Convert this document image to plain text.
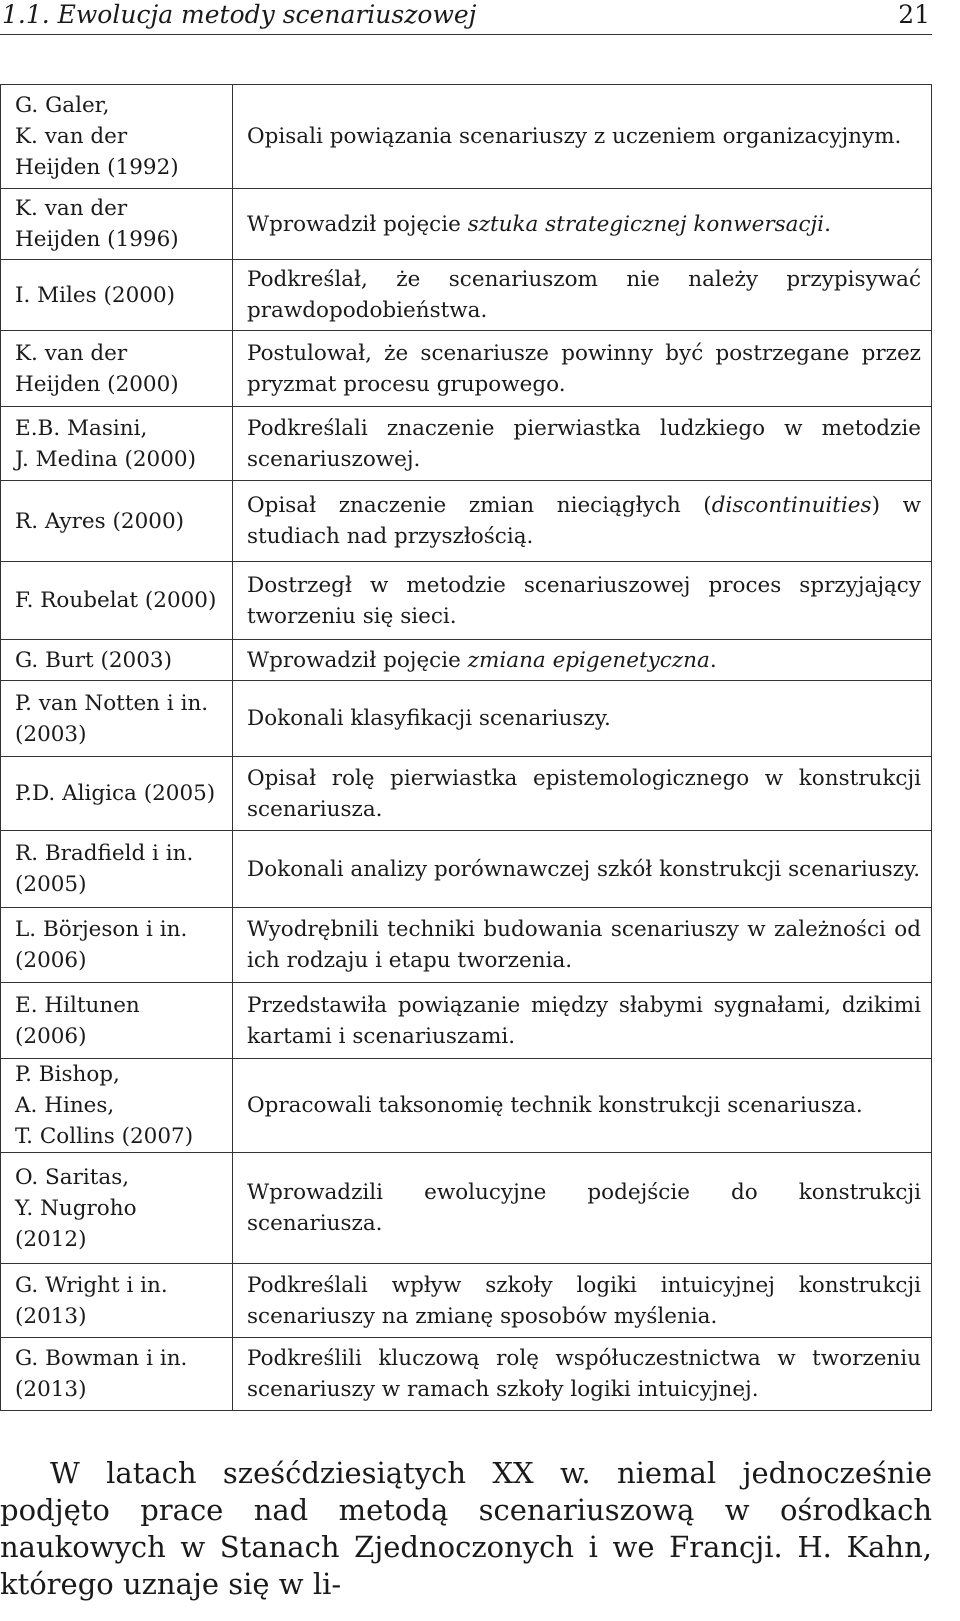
1.1. Ewolucja metody scenariuszowej	21
G. Galer,
K. van der
Heijden (1992)	Opisali powiązania scenariuszy z uczeniem organizacyjnym.

K. van der
Heijden (1996)	Wprowadził pojęcie sztuka strategicznej konwersacji.

I. Miles (2000)	Podkreślał, że scenariuszom nie należy przypisywać prawdopodobieństwa.

K. van der
Heijden (2000)	Postulował, że scenariusze powinny być postrzegane przez pryzmat procesu grupowego.

E.B. Masini,
J. Medina (2000)	Podkreślali znaczenie pierwiastka ludzkiego w metodzie scenariuszowej.

R. Ayres (2000)	Opisał znaczenie zmian nieciągłych (discontinuities) w studiach nad przyszłością.

F. Roubelat (2000)	Dostrzegł w metodzie scenariuszowej proces sprzyjający tworzeniu się sieci.

G. Burt (2003)	Wprowadził pojęcie zmiana epigenetyczna.

P. van Notten i in.
(2003)	Dokonali klasyfikacji scenariuszy.

P.D. Aligica (2005)	Opisał rolę pierwiastka epistemologicznego w konstrukcji scenariusza.

R. Bradfield i in.
(2005)	Dokonali analizy porównawczej szkół konstrukcji scenariuszy.

L. Börjeson i in.
(2006)	Wyodrębnili techniki budowania scenariuszy w zależności od ich rodzaju i etapu tworzenia.

E. Hiltunen
(2006)	Przedstawiła powiązanie między słabymi sygnałami, dzikimi kartami i scenariuszami.

P. Bishop,
A. Hines,
T. Collins (2007)	Opracowali taksonomię technik konstrukcji scenariusza.

O. Saritas,
Y. Nugroho
(2012)	Wprowadzili ewolucyjne podejście do konstrukcji scenariusza.

G. Wright i in.
(2013)	Podkreślali wpływ szkoły logiki intuicyjnej konstrukcji scenariuszy na zmianę sposobów myślenia.

G. Bowman i in.
(2013)	Podkreślili kluczową rolę współuczestnictwa w tworzeniu scenariuszy w ramach szkoły logiki intuicyjnej.
W latach sześćdziesiątych XX w. niemal jednocześnie podjęto prace nad metodą scenariuszową w ośrodkach naukowych w Stanach Zjednoczonych i we Francji. H. Kahn, którego uznaje się w li-
